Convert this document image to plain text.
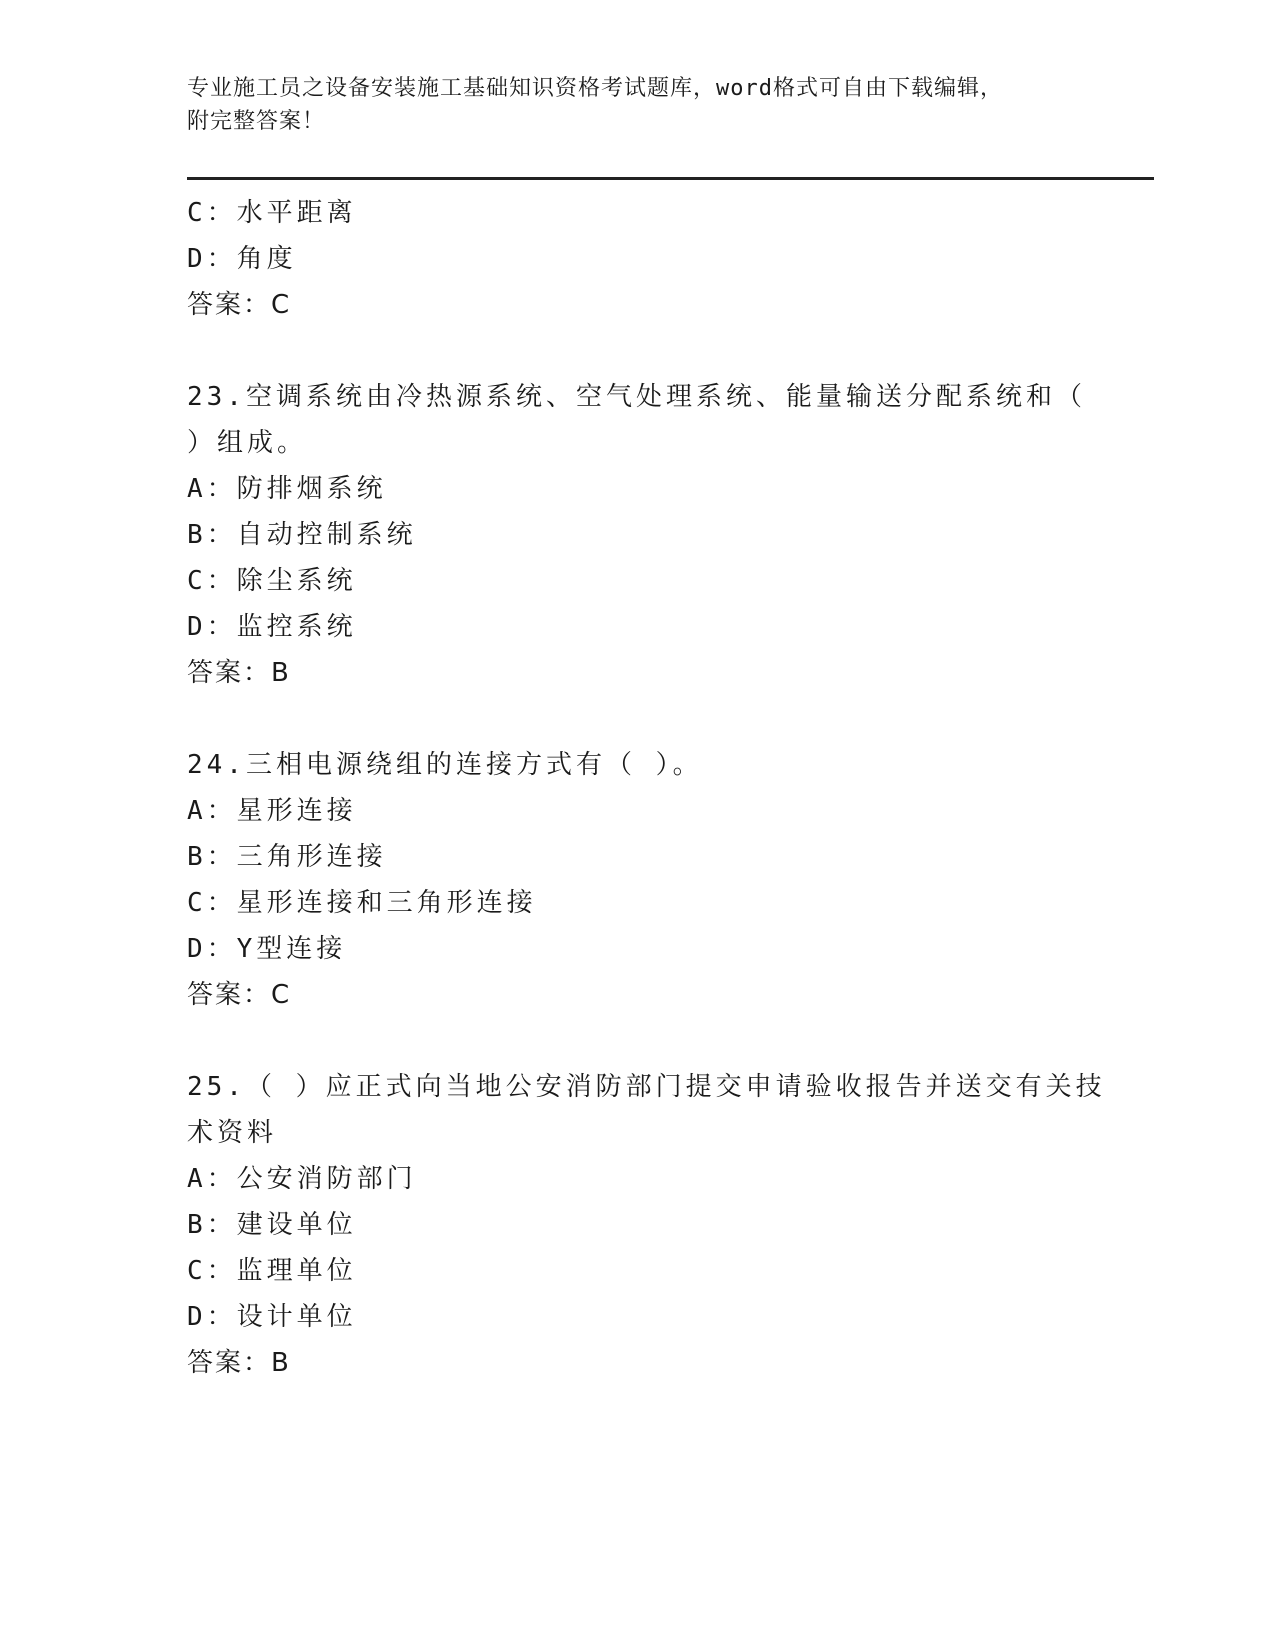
专业施工员之设备安装施工基础知识资格考试题库，word格式可自由下载编辑，
附完整答案！
C：水平距离
D：角度
答案：C
23.空调系统由冷热源系统、空气处理系统、能量输送分配系统和（
）组成。
A：防排烟系统
B：自动控制系统
C：除尘系统
D：监控系统
答案：B
24.三相电源绕组的连接方式有（ ）。
A：星形连接
B：三角形连接
C：星形连接和三角形连接
D：Y型连接
答案：C
25.（ ）应正式向当地公安消防部门提交申请验收报告并送交有关技
术资料
A：公安消防部门
B：建设单位
C：监理单位
D：设计单位
答案：B
